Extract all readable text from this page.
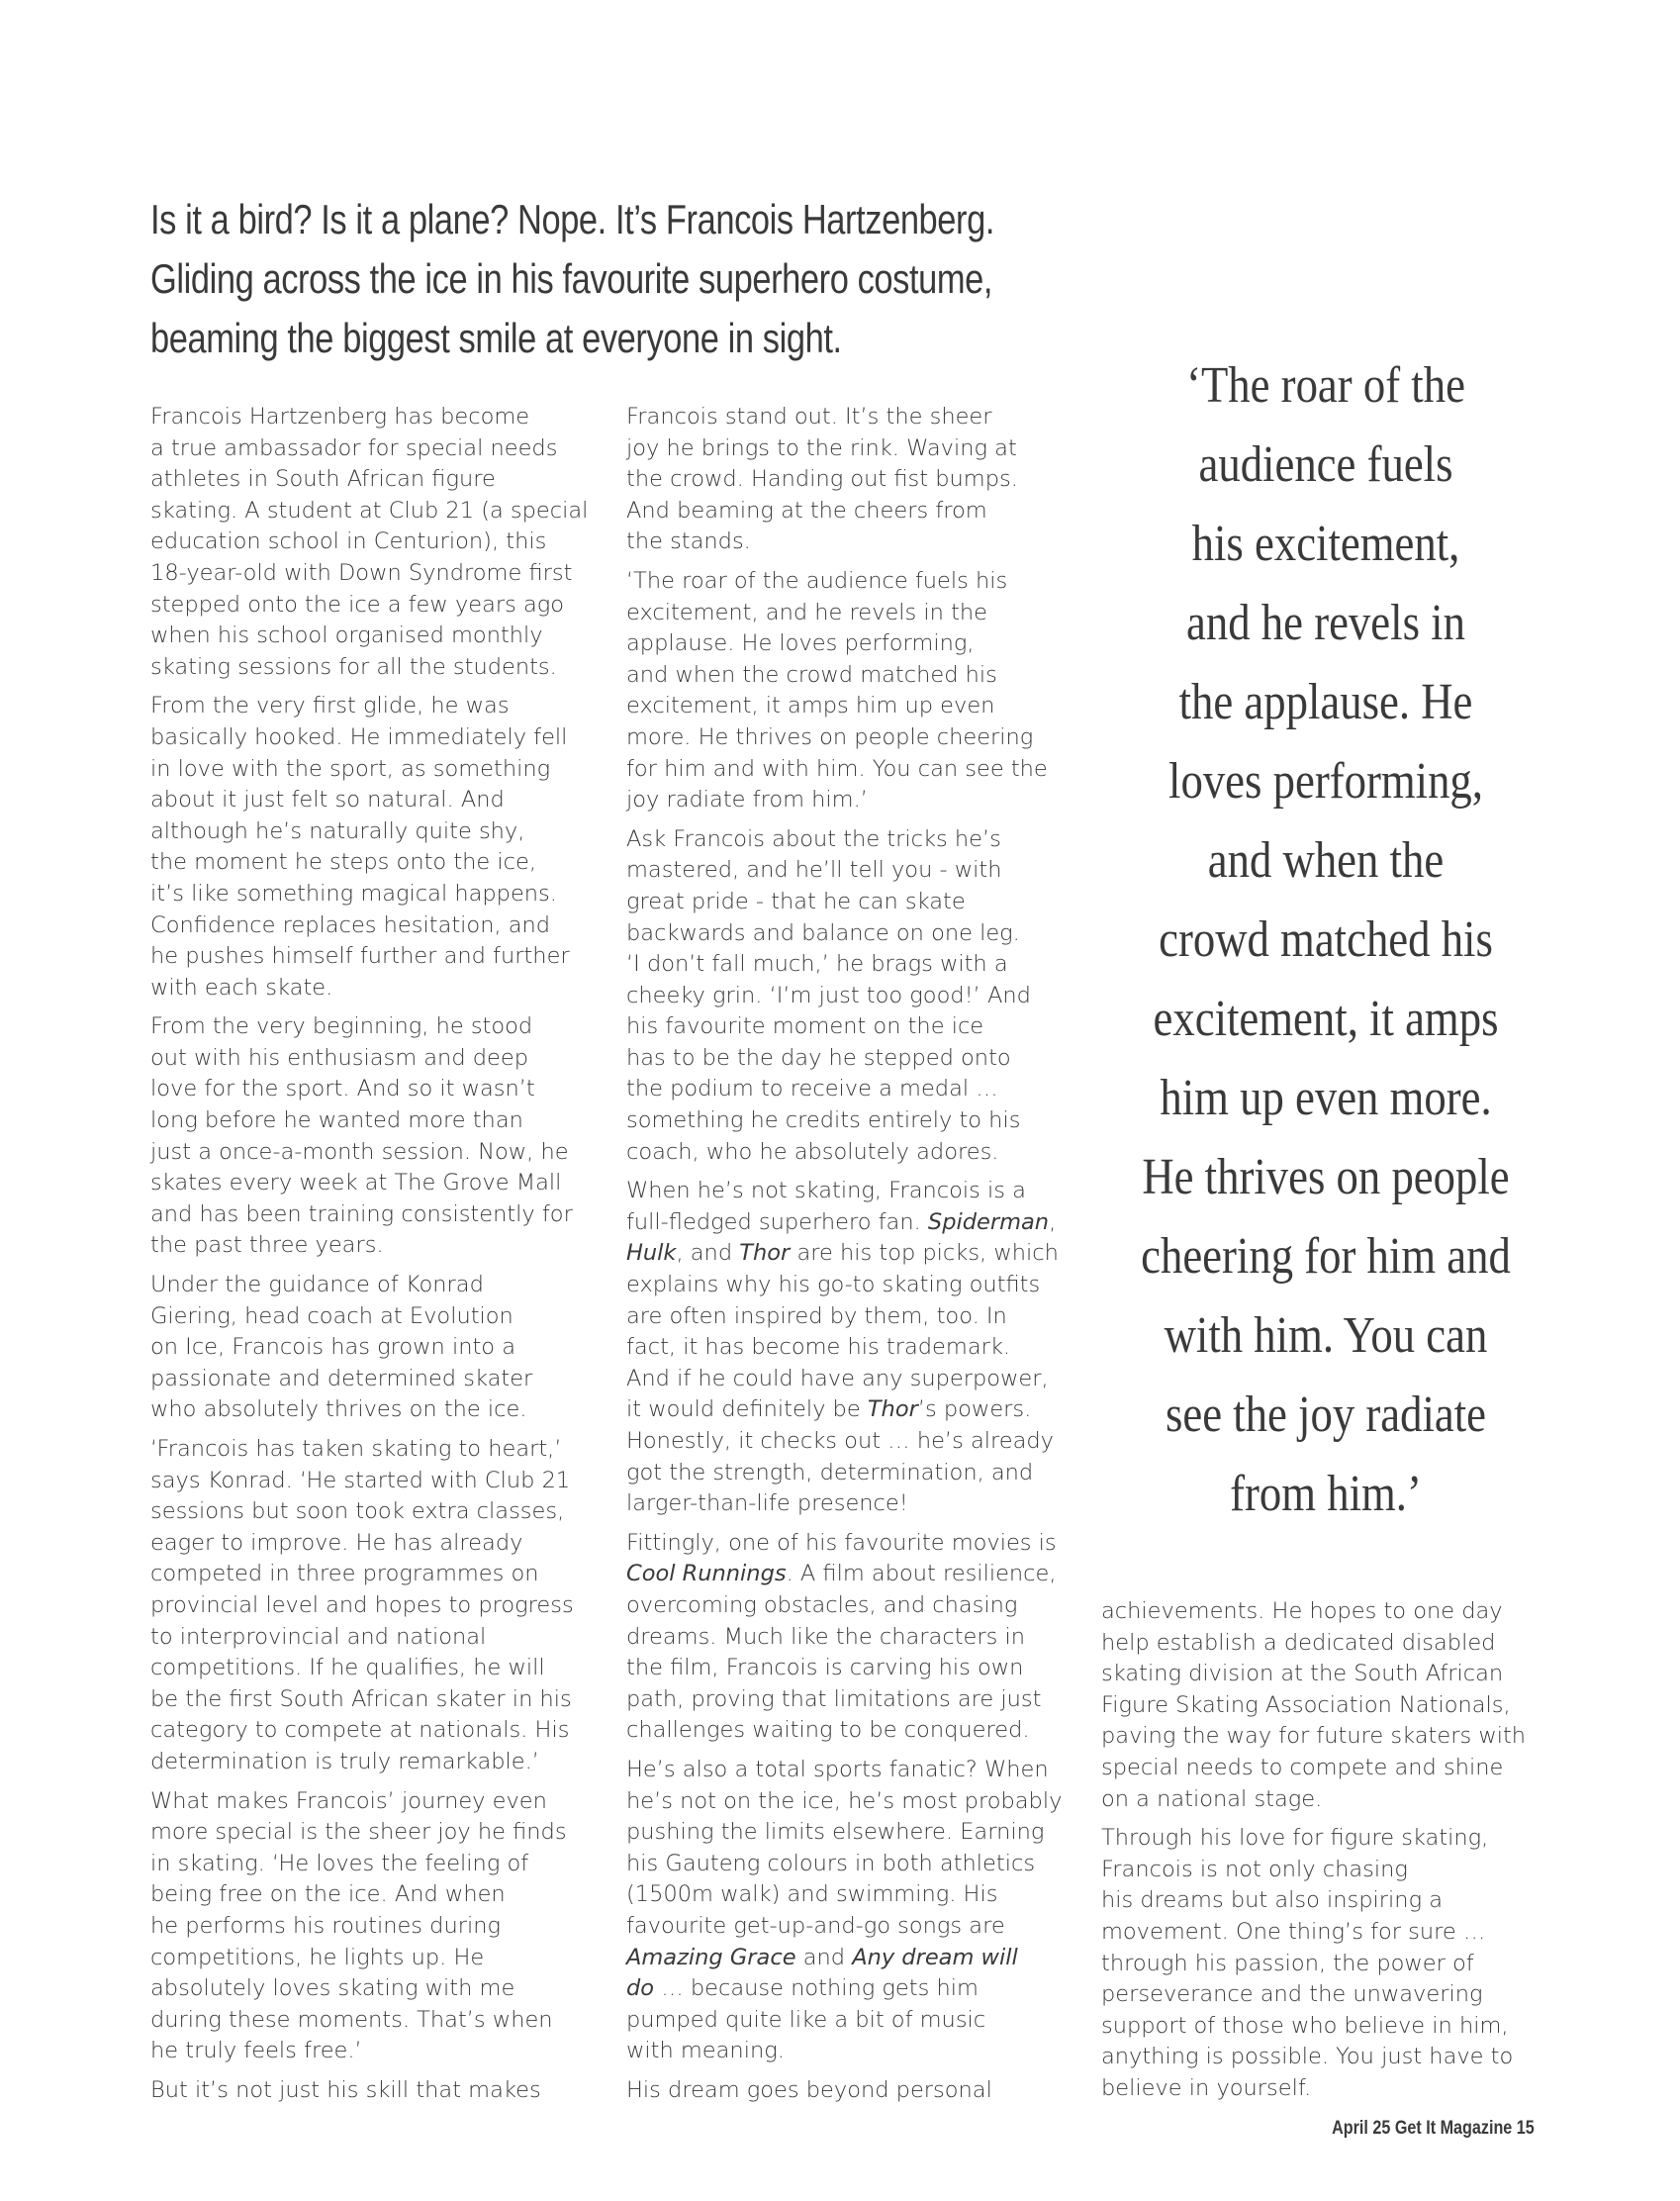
Is it a bird? Is it a plane? Nope. It’s Francois Hartzenberg.
Gliding across the ice in his favourite superhero costume,
beaming the biggest smile at everyone in sight.

Francois Hartzenberg has become
a true ambassador for special needs
athletes in South African figure
skating. A student at Club 21 (a special
education school in Centurion), this
18-year-old with Down Syndrome first
stepped onto the ice a few years ago
when his school organised monthly
skating sessions for all the students.

From the very first glide, he was
basically hooked. He immediately fell
in love with the sport, as something
about it just felt so natural. And
although he’s naturally quite shy,
the moment he steps onto the ice,
it’s like something magical happens.
Confidence replaces hesitation, and
he pushes himself further and further
with each skate.

From the very beginning, he stood
out with his enthusiasm and deep
love for the sport. And so it wasn’t
long before he wanted more than
just a once-a-month session. Now, he
skates every week at The Grove Mall
and has been training consistently for
the past three years.

Under the guidance of Konrad
Giering, head coach at Evolution
on Ice, Francois has grown into a
passionate and determined skater
who absolutely thrives on the ice.

‘Francois has taken skating to heart,’
says Konrad. ‘He started with Club 21
sessions but soon took extra classes,
eager to improve. He has already
competed in three programmes on
provincial level and hopes to progress
to interprovincial and national
competitions. If he qualifies, he will
be the first South African skater in his
category to compete at nationals. His
determination is truly remarkable.’

What makes Francois’ journey even
more special is the sheer joy he finds
in skating. ‘He loves the feeling of
being free on the ice. And when
he performs his routines during
competitions, he lights up. He
absolutely loves skating with me
during these moments. That’s when
he truly feels free.’

But it’s not just his skill that makes

Francois stand out. It’s the sheer
joy he brings to the rink. Waving at
the crowd. Handing out fist bumps.
And beaming at the cheers from
the stands.

‘The roar of the audience fuels his
excitement, and he revels in the
applause. He loves performing,
and when the crowd matched his
excitement, it amps him up even
more. He thrives on people cheering
for him and with him. You can see the
joy radiate from him.’

Ask Francois about the tricks he’s
mastered, and he’ll tell you - with
great pride - that he can skate
backwards and balance on one leg.
‘I don’t fall much,’ he brags with a
cheeky grin. ‘I’m just too good!’ And
his favourite moment on the ice
has to be the day he stepped onto
the podium to receive a medal …
something he credits entirely to his
coach, who he absolutely adores.

When he’s not skating, Francois is a
full-fledged superhero fan. Spiderman,
Hulk, and Thor are his top picks, which
explains why his go-to skating outfits
are often inspired by them, too. In
fact, it has become his trademark.
And if he could have any superpower,
it would definitely be Thor’s powers.
Honestly, it checks out … he’s already
got the strength, determination, and
larger-than-life presence!

Fittingly, one of his favourite movies is
Cool Runnings. A film about resilience,
overcoming obstacles, and chasing
dreams. Much like the characters in
the film, Francois is carving his own
path, proving that limitations are just
challenges waiting to be conquered.

He’s also a total sports fanatic? When
he’s not on the ice, he’s most probably
pushing the limits elsewhere. Earning
his Gauteng colours in both athletics
(1500m walk) and swimming. His
favourite get-up-and-go songs are
Amazing Grace and Any dream will
do … because nothing gets him
pumped quite like a bit of music
with meaning.

His dream goes beyond personal

‘The roar of the
audience fuels
his excitement,
and he revels in
the applause. He
loves performing,
and when the
crowd matched his
excitement, it amps
him up even more.
He thrives on people
cheering for him and
with him. You can
see the joy radiate
from him.’

achievements. He hopes to one day
help establish a dedicated disabled
skating division at the South African
Figure Skating Association Nationals,
paving the way for future skaters with
special needs to compete and shine
on a national stage.

Through his love for figure skating,
Francois is not only chasing
his dreams but also inspiring a
movement. One thing’s for sure …
through his passion, the power of
perseverance and the unwavering
support of those who believe in him,
anything is possible. You just have to
believe in yourself.

April 25 Get It Magazine 15
